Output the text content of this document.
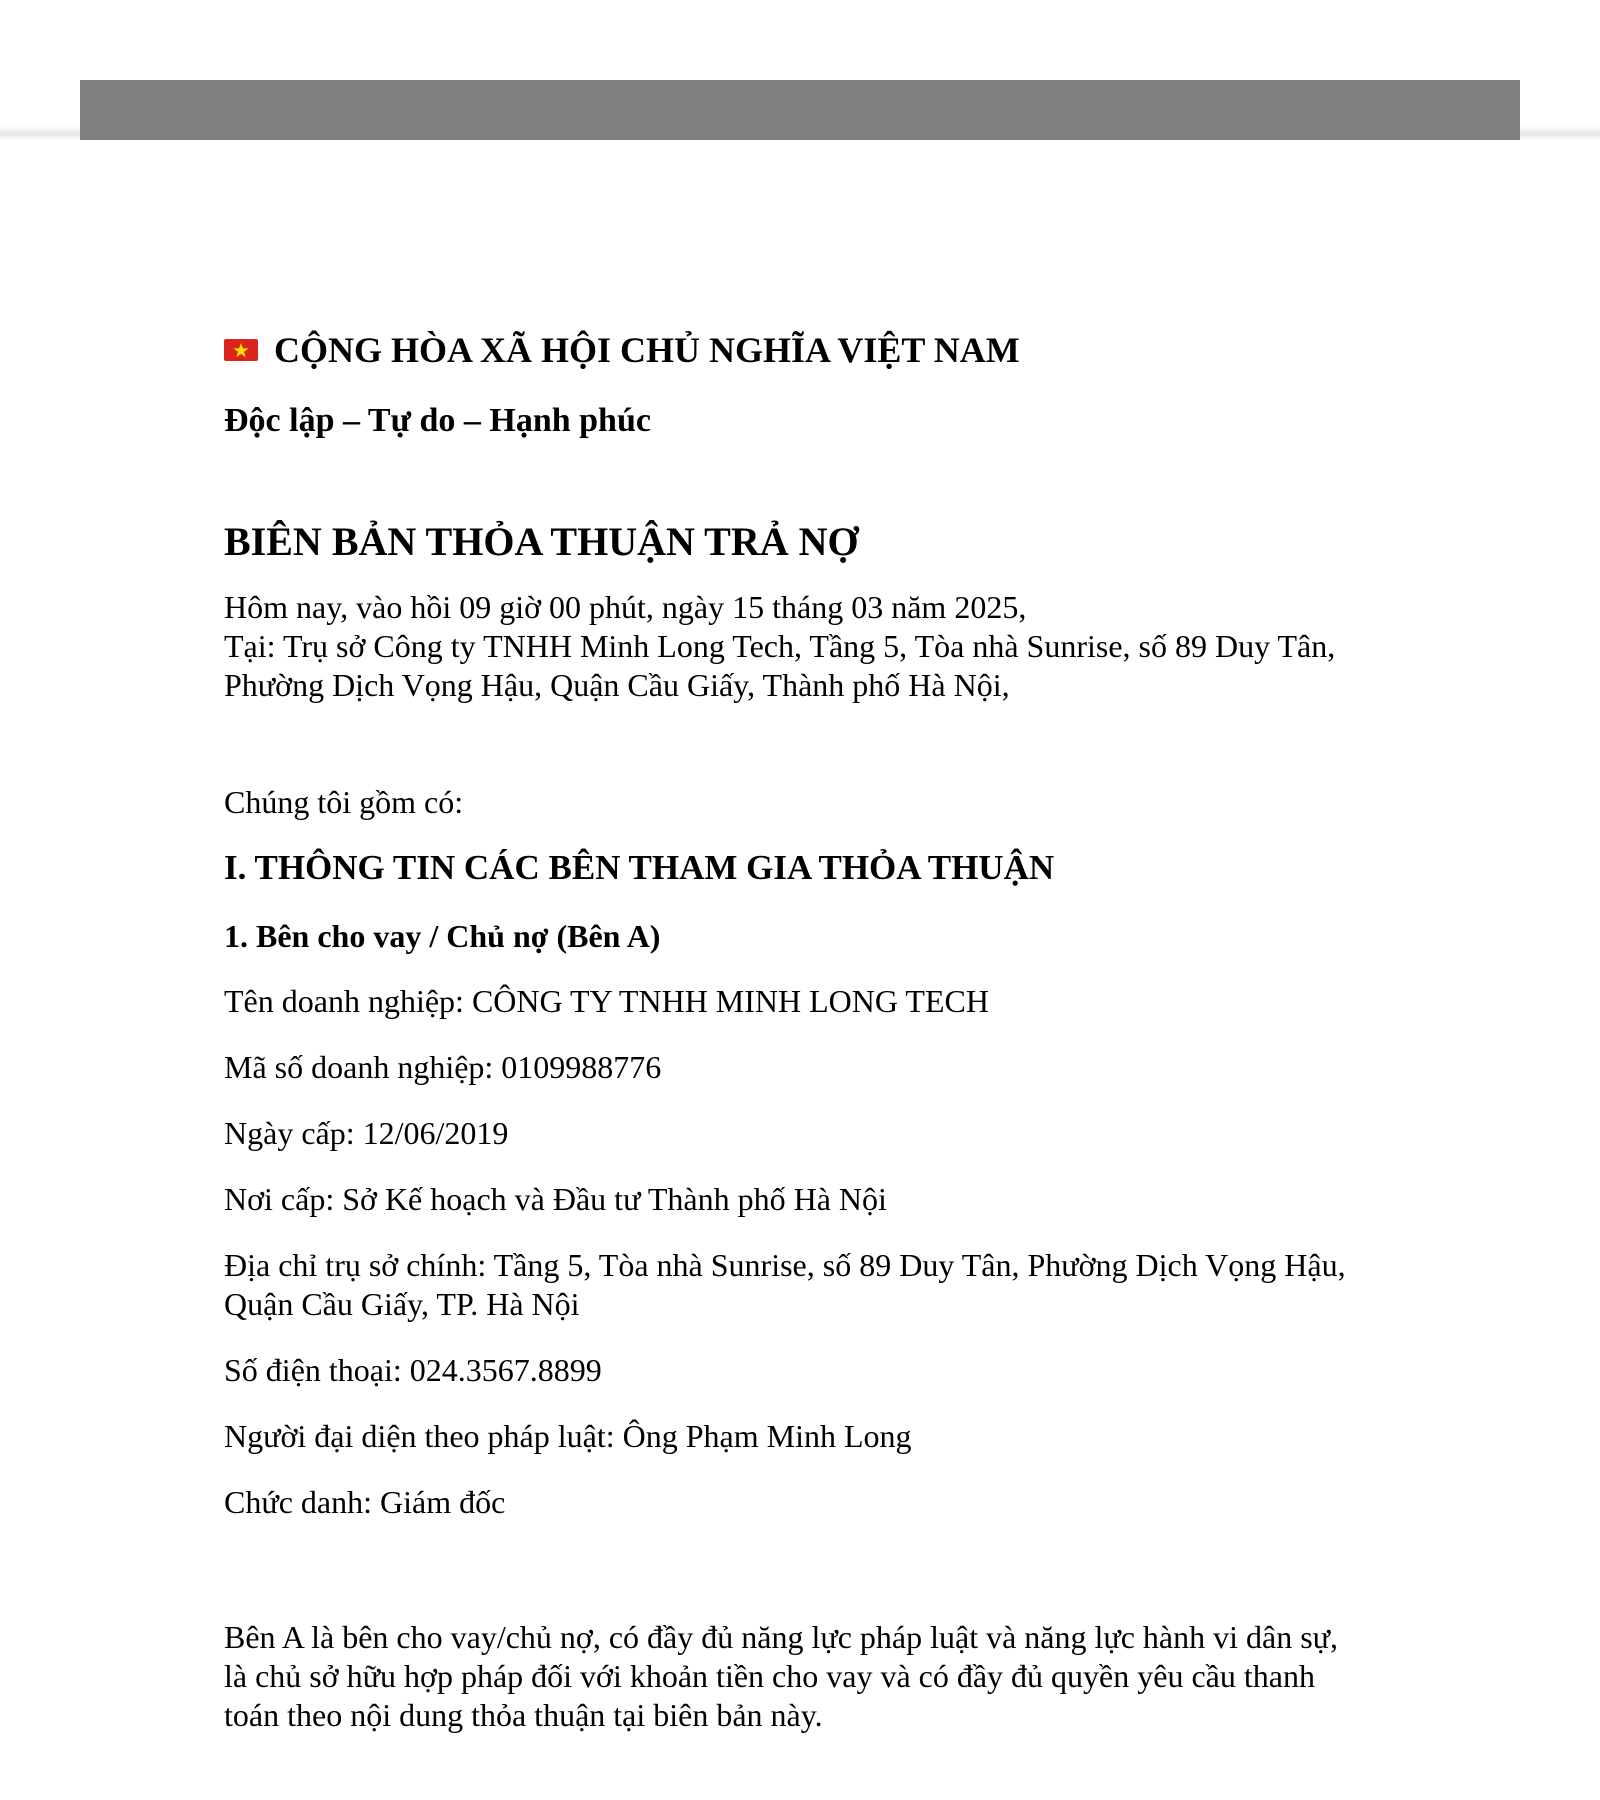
CỘNG HÒA XÃ HỘI CHỦ NGHĨA VIỆT NAM
Độc lập – Tự do – Hạnh phúc
BIÊN BẢN THỎA THUẬN TRẢ NỢ

Hôm nay, vào hồi 09 giờ 00 phút, ngày 15 tháng 03 năm 2025,

Tại: Trụ sở Công ty TNHH Minh Long Tech, Tầng 5, Tòa nhà Sunrise, số 89 Duy Tân, Phường Dịch Vọng Hậu, Quận Cầu Giấy, Thành phố Hà Nội,

Chúng tôi gồm có:

I. THÔNG TIN CÁC BÊN THAM GIA THỎA THUẬN
1. Bên cho vay / Chủ nợ (Bên A)

Tên doanh nghiệp: CÔNG TY TNHH MINH LONG TECH

Mã số doanh nghiệp: 0109988776

Ngày cấp: 12/06/2019

Nơi cấp: Sở Kế hoạch và Đầu tư Thành phố Hà Nội

Địa chỉ trụ sở chính: Tầng 5, Tòa nhà Sunrise, số 89 Duy Tân, Phường Dịch Vọng Hậu, Quận Cầu Giấy, TP. Hà Nội

Số điện thoại: 024.3567.8899

Người đại diện theo pháp luật: Ông Phạm Minh Long

Chức danh: Giám đốc

Bên A là bên cho vay/chủ nợ, có đầy đủ năng lực pháp luật và năng lực hành vi dân sự, là chủ sở hữu hợp pháp đối với khoản tiền cho vay và có đầy đủ quyền yêu cầu thanh toán theo nội dung thỏa thuận tại biên bản này.
